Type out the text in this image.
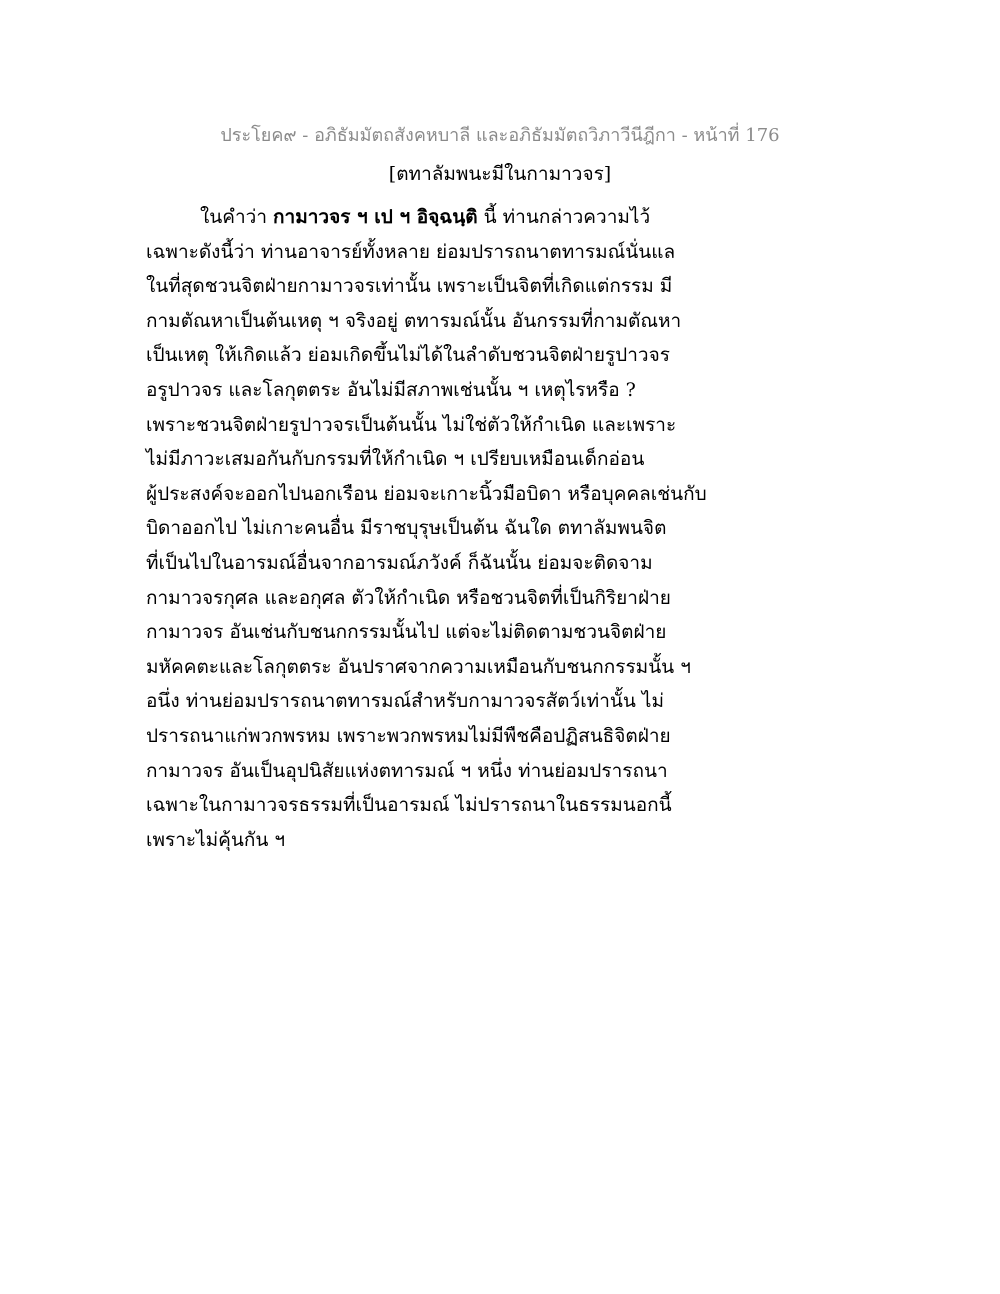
ประโยค๙ - อภิธัมมัตถสังคหบาลี และอภิธัมมัตถวิภาวีนีฎีกา - หน้าที่ 176
[ตทาลัมพนะมีในกามาวจร]
ในคำว่า กามาวจร ฯ เป ฯ อิจฺฉนฺติ นี้ ท่านกล่าวความไว้
เฉพาะดังนี้ว่า ท่านอาจารย์ทั้งหลาย ย่อมปรารถนาตทารมณ์นั่นแล
ในที่สุดชวนจิตฝ่ายกามาวจรเท่านั้น เพราะเป็นจิตที่เกิดแต่กรรม มี
กามตัณหาเป็นต้นเหตุ ฯ จริงอยู่ ตทารมณ์นั้น อันกรรมที่กามตัณหา
เป็นเหตุ ให้เกิดแล้ว ย่อมเกิดขึ้นไม่ได้ในลำดับชวนจิตฝ่ายรูปาวจร
อรูปาวจร และโลกุตตระ อันไม่มีสภาพเช่นนั้น ฯ เหตุไรหรือ ?
เพราะชวนจิตฝ่ายรูปาวจรเป็นต้นนั้น ไม่ใช่ตัวให้กำเนิด และเพราะ
ไม่มีภาวะเสมอกันกับกรรมที่ให้กำเนิด ฯ เปรียบเหมือนเด็กอ่อน
ผู้ประสงค์จะออกไปนอกเรือน ย่อมจะเกาะนิ้วมือบิดา หรือบุคคลเช่นกับ
บิดาออกไป ไม่เกาะคนอื่น มีราชบุรุษเป็นต้น ฉันใด ตทาลัมพนจิต
ที่เป็นไปในอารมณ์อื่นจากอารมณ์ภวังค์ ก็ฉันนั้น ย่อมจะติดจาม
กามาวจรกุศล และอกุศล ตัวให้กำเนิด หรือชวนจิตที่เป็นกิริยาฝ่าย
กามาวจร อันเช่นกับชนกกรรมนั้นไป แต่จะไม่ติดตามชวนจิตฝ่าย
มหัคคตะและโลกุตตระ อันปราศจากความเหมือนกับชนกกรรมนั้น ฯ
อนึ่ง ท่านย่อมปรารถนาตทารมณ์สำหรับกามาวจรสัตว์เท่านั้น ไม่
ปรารถนาแก่พวกพรหม เพราะพวกพรหมไม่มีพืชคือปฏิสนธิจิตฝ่าย
กามาวจร อันเป็นอุปนิสัยแห่งตทารมณ์ ฯ หนึ่ง ท่านย่อมปรารถนา
เฉพาะในกามาวจรธรรมที่เป็นอารมณ์ ไม่ปรารถนาในธรรมนอกนี้
เพราะไม่คุ้นกัน ฯ
